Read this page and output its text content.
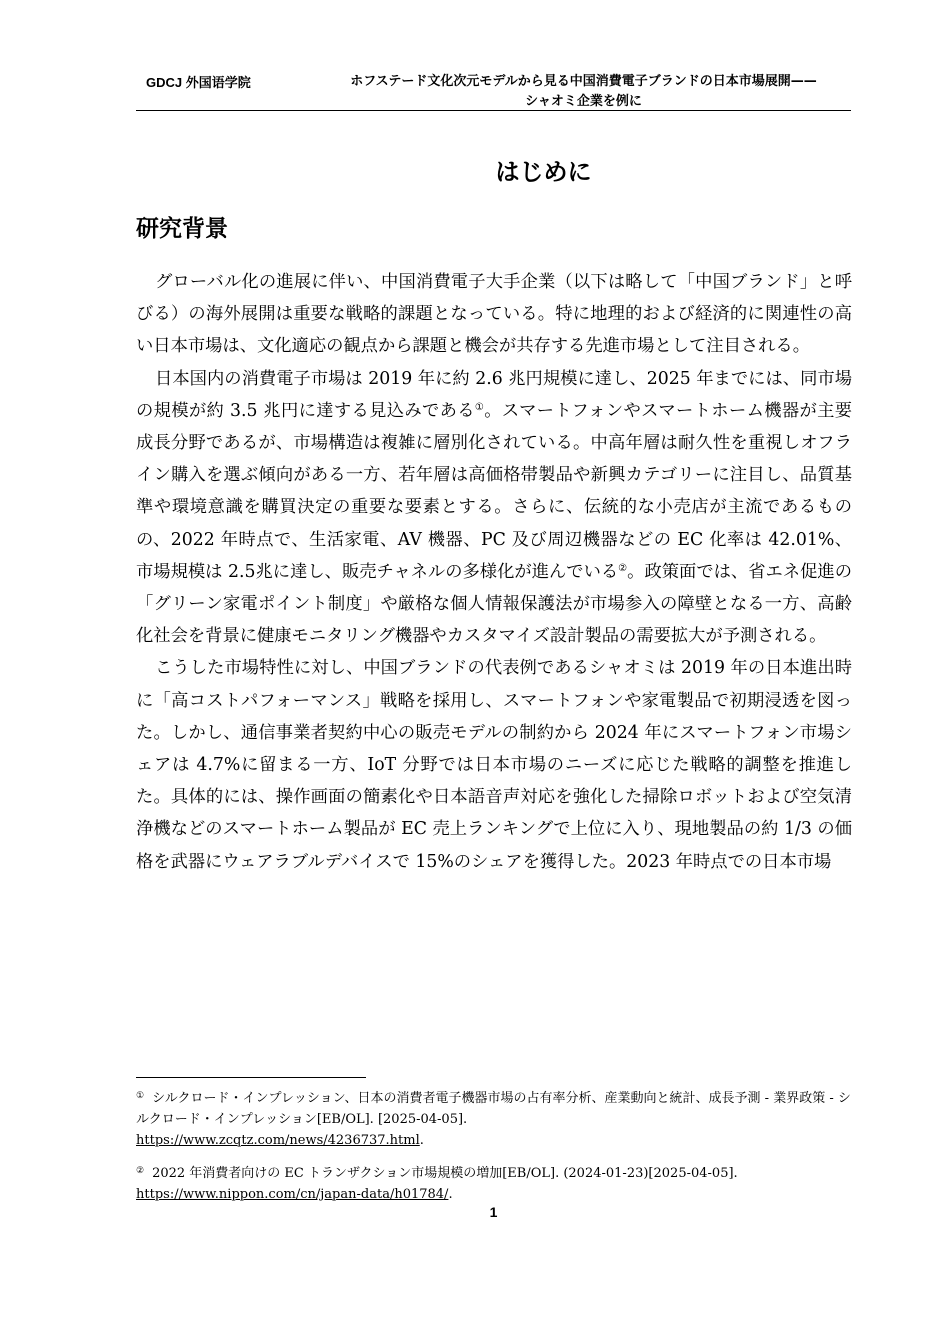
GDCJ 外国语学院	ホフステード文化次元モデルから見る中国消費電子ブランドの日本市場展開——
シャオミ企業を例に
はじめに
研究背景

グローバル化の進展に伴い、中国消費電子大手企業（以下は略して「中国ブランド」と呼びる）の海外展開は重要な戦略的課題となっている。特に地理的および経済的に関連性の高い日本市場は、文化適応の観点から課題と機会が共存する先進市場として注目される。

日本国内の消費電子市場は 2019 年に約 2.6 兆円規模に達し、2025 年までには、同市場の規模が約 3.5 兆円に達する見込みである①。スマートフォンやスマートホーム機器が主要成長分野であるが、市場構造は複雑に層別化されている。中高年層は耐久性を重視しオフライン購入を選ぶ傾向がある一方、若年層は高価格帯製品や新興カテゴリーに注目し、品質基準や環境意識を購買決定の重要な要素とする。さらに、伝統的な小売店が主流であるものの、2022 年時点で、生活家電、AV 機器、PC 及び周辺機器などの EC 化率は 42.01%、市場規模は 2.5兆に達し、販売チャネルの多様化が進んでいる②。政策面では、省エネ促進の「グリーン家電ポイント制度」や厳格な個人情報保護法が市場参入の障壁となる一方、高齢化社会を背景に健康モニタリング機器やカスタマイズ設計製品の需要拡大が予測される。

こうした市場特性に対し、中国ブランドの代表例であるシャオミは 2019 年の日本進出時に「高コストパフォーマンス」戦略を採用し、スマートフォンや家電製品で初期浸透を図った。しかし、通信事業者契約中心の販売モデルの制約から 2024 年にスマートフォン市場シェアは 4.7%に留まる一方、IoT 分野では日本市場のニーズに応じた戦略的調整を推進した。具体的には、操作画面の簡素化や日本語音声対応を強化した掃除ロボットおよび空気清浄機などのスマートホーム製品が EC 売上ランキングで上位に入り、現地製品の約 1/3 の価格を武器にウェアラブルデバイスで 15%のシェアを獲得した。2023 年時点での日本市場

① シルクロード・インプレッション、日本の消費者電子機器市場の占有率分析、産業動向と統計、成長予測 - 業界政策 - シルクロード・インプレッション[EB/OL]. [2025-04-05].
https://www.zcqtz.com/news/4236737.html.

② 2022 年消費者向けの EC トランザクション市場規模の増加[EB/OL]. (2024-01-23)[2025-04-05].
https://www.nippon.com/cn/japan-data/h01784/.

1
